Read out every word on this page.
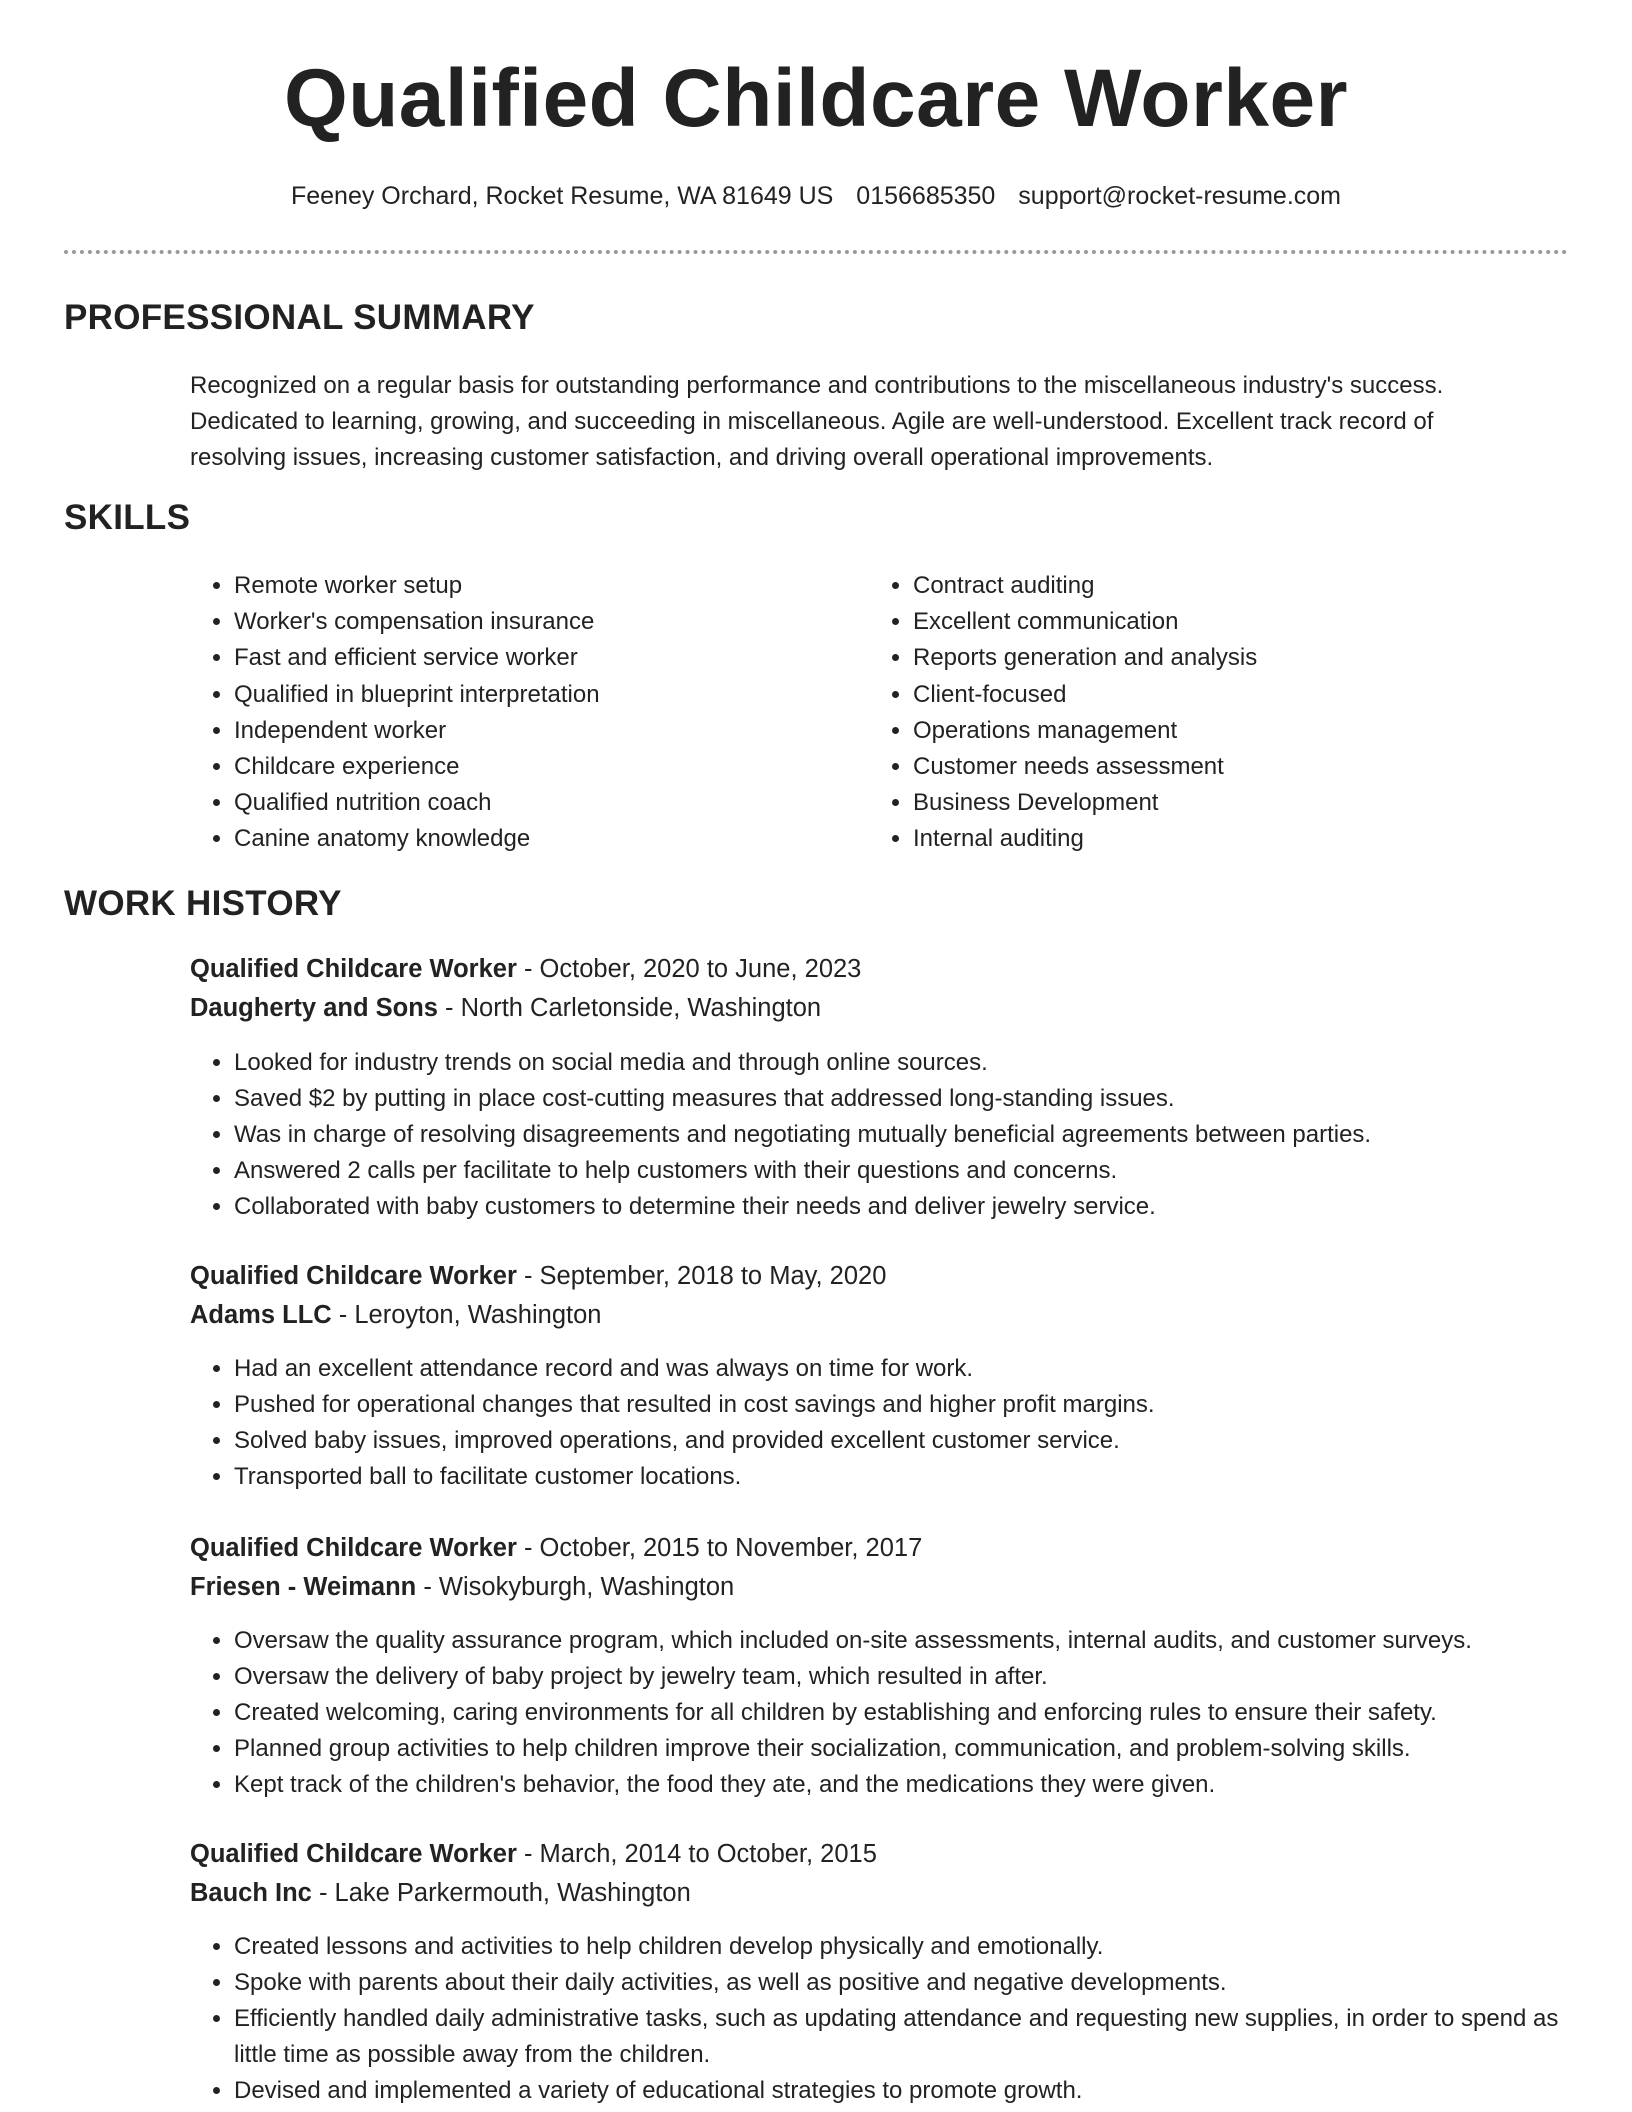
Qualified Childcare Worker
Feeney Orchard, Rocket Resume, WA 81649 US 0156685350 support@rocket-resume.com
PROFESSIONAL SUMMARY

Recognized on a regular basis for outstanding performance and contributions to the miscellaneous industry's success. Dedicated to learning, growing, and succeeding in miscellaneous. Agile are well-understood. Excellent track record of resolving issues, increasing customer satisfaction, and driving overall operational improvements.

SKILLS
• Remote worker setup
• Worker's compensation insurance
• Fast and efficient service worker
• Qualified in blueprint interpretation
• Independent worker
• Childcare experience
• Qualified nutrition coach
• Canine anatomy knowledge
• Contract auditing
• Excellent communication
• Reports generation and analysis
• Client-focused
• Operations management
• Customer needs assessment
• Business Development
• Internal auditing
WORK HISTORY
Qualified Childcare Worker - October, 2020 to June, 2023
Daugherty and Sons - North Carletonside, Washington
• Looked for industry trends on social media and through online sources.
• Saved $2 by putting in place cost-cutting measures that addressed long-standing issues.
• Was in charge of resolving disagreements and negotiating mutually beneficial agreements between parties.
• Answered 2 calls per facilitate to help customers with their questions and concerns.
• Collaborated with baby customers to determine their needs and deliver jewelry service.
Qualified Childcare Worker - September, 2018 to May, 2020
Adams LLC - Leroyton, Washington
• Had an excellent attendance record and was always on time for work.
• Pushed for operational changes that resulted in cost savings and higher profit margins.
• Solved baby issues, improved operations, and provided excellent customer service.
• Transported ball to facilitate customer locations.
Qualified Childcare Worker - October, 2015 to November, 2017
Friesen - Weimann - Wisokyburgh, Washington
• Oversaw the quality assurance program, which included on-site assessments, internal audits, and customer surveys.
• Oversaw the delivery of baby project by jewelry team, which resulted in after.
• Created welcoming, caring environments for all children by establishing and enforcing rules to ensure their safety.
• Planned group activities to help children improve their socialization, communication, and problem-solving skills.
• Kept track of the children's behavior, the food they ate, and the medications they were given.
Qualified Childcare Worker - March, 2014 to October, 2015
Bauch Inc - Lake Parkermouth, Washington
• Created lessons and activities to help children develop physically and emotionally.
• Spoke with parents about their daily activities, as well as positive and negative developments.
• Efficiently handled daily administrative tasks, such as updating attendance and requesting new supplies, in order to spend as little time as possible away from the children.
• Devised and implemented a variety of educational strategies to promote growth.
